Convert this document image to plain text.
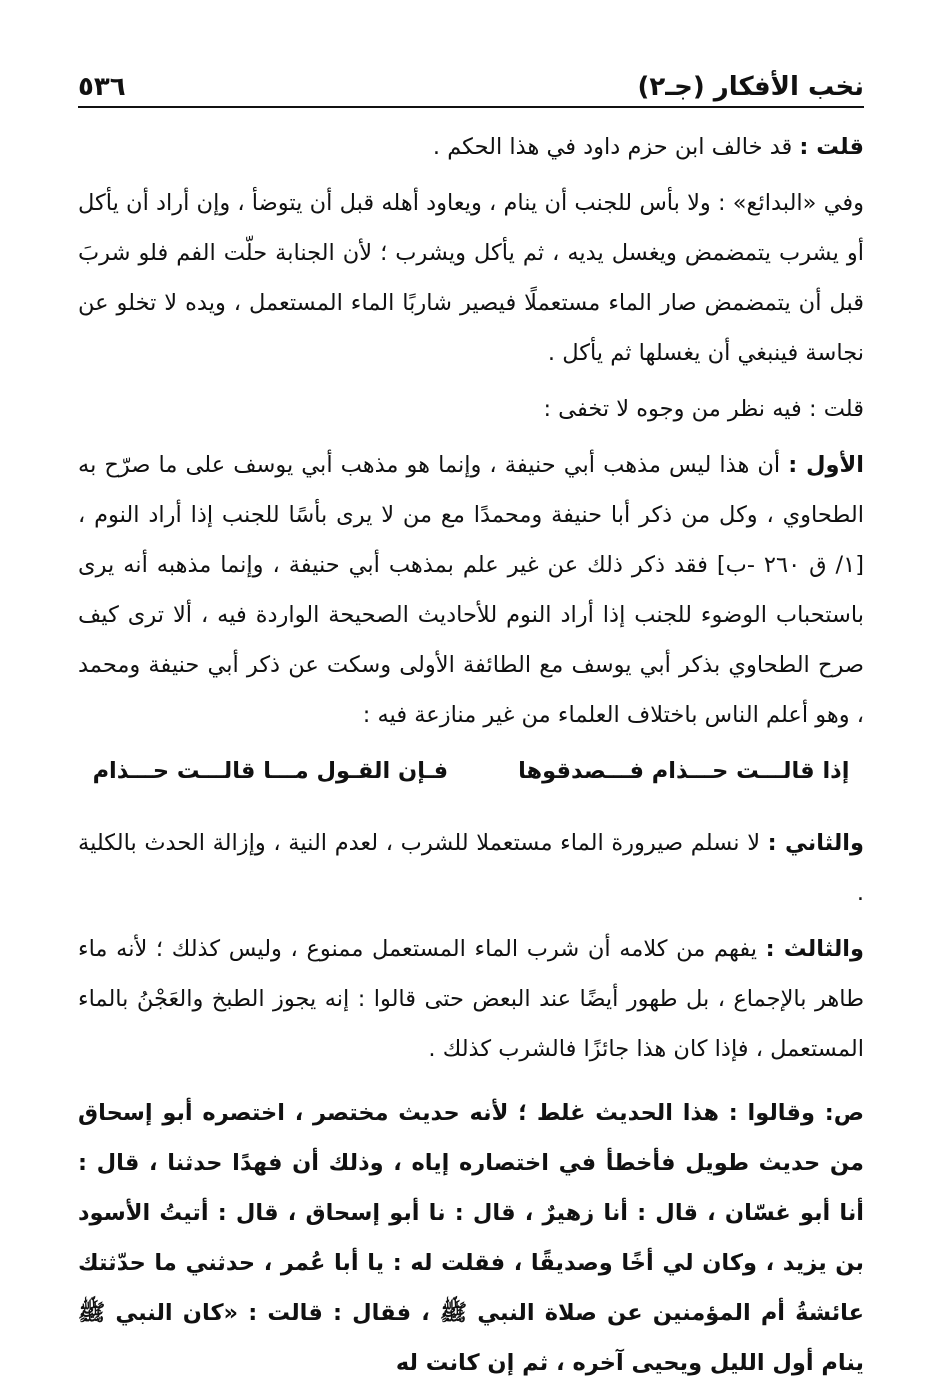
نخب الأفكار (جـ٢)
٥٣٦

قلت : قد خالف ابن حزم داود في هذا الحكم .

وفي «البدائع» : ولا بأس للجنب أن ينام ، ويعاود أهله قبل أن يتوضأ ، وإن أراد أن يأكل أو يشرب يتمضمض ويغسل يديه ، ثم يأكل ويشرب ؛ لأن الجنابة حلّت الفم فلو شربَ قبل أن يتمضمض صار الماء مستعملًا فيصير شاربًا الماء المستعمل ، ويده لا تخلو عن نجاسة فينبغي أن يغسلها ثم يأكل .

قلت : فيه نظر من وجوه لا تخفى :

الأول : أن هذا ليس مذهب أبي حنيفة ، وإنما هو مذهب أبي يوسف على ما صرّح به الطحاوي ، وكل من ذكر أبا حنيفة ومحمدًا مع من لا يرى بأسًا للجنب إذا أراد النوم ، [١/ ق ٢٦٠ -ب] فقد ذكر ذلك عن غير علم بمذهب أبي حنيفة ، وإنما مذهبه أنه يرى باستحباب الوضوء للجنب إذا أراد النوم للأحاديث الصحيحة الواردة فيه ، ألا ترى كيف صرح الطحاوي بذكر أبي يوسف مع الطائفة الأولى وسكت عن ذكر أبي حنيفة ومحمد ، وهو أعلم الناس باختلاف العلماء من غير منازعة فيه :

إذا قالـــت حـــذام فـــصدقوها
فـإن القـول مـــا قالـــت حـــذام

والثاني : لا نسلم صيرورة الماء مستعملا للشرب ، لعدم النية ، وإزالة الحدث بالكلية .

والثالث : يفهم من كلامه أن شرب الماء المستعمل ممنوع ، وليس كذلك ؛ لأنه ماء طاهر بالإجماع ، بل طهور أيضًا عند البعض حتى قالوا : إنه يجوز الطبخ والعَجْنُ بالماء المستعمل ، فإذا كان هذا جائزًا فالشرب كذلك .

ص: وقالوا : هذا الحديث غلط ؛ لأنه حديث مختصر ، اختصره أبو إسحاق من حديث طويل فأخطأ في اختصاره إياه ، وذلك أن فهدًا حدثنا ، قال : أنا أبو غسّان ، قال : أنا زهيرٌ ، قال : نا أبو إسحاق ، قال : أتيتُ الأسود بن يزيد ، وكان لي أخًا وصديقًا ، فقلت له : يا أبا عُمر ، حدثني ما حدّثتك عائشةُ أم المؤمنين عن صلاة النبي ﷺ ، فقال : قالت : «كان النبي ﷺ ينام أول الليل ويحيى آخره ، ثم إن كانت له
